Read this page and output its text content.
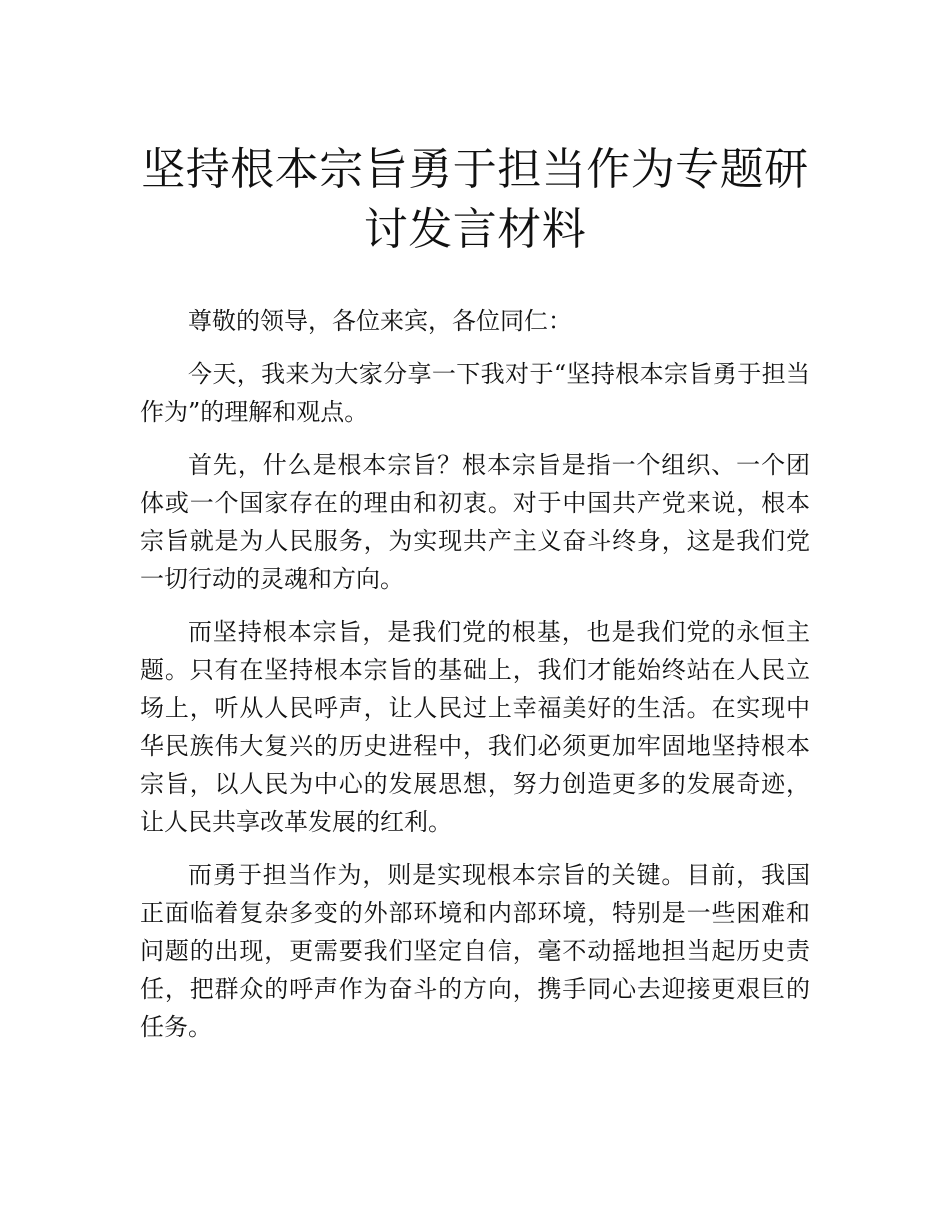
坚持根本宗旨勇于担当作为专题研讨发言材料

尊敬的领导，各位来宾，各位同仁：

今天，我来为大家分享一下我对于“坚持根本宗旨勇于担当作为”的理解和观点。

首先，什么是根本宗旨？根本宗旨是指一个组织、一个团体或一个国家存在的理由和初衷。对于中国共产党来说，根本宗旨就是为人民服务，为实现共产主义奋斗终身，这是我们党一切行动的灵魂和方向。

而坚持根本宗旨，是我们党的根基，也是我们党的永恒主题。只有在坚持根本宗旨的基础上，我们才能始终站在人民立场上，听从人民呼声，让人民过上幸福美好的生活。在实现中华民族伟大复兴的历史进程中，我们必须更加牢固地坚持根本宗旨，以人民为中心的发展思想，努力创造更多的发展奇迹，让人民共享改革发展的红利。

而勇于担当作为，则是实现根本宗旨的关键。目前，我国正面临着复杂多变的外部环境和内部环境，特别是一些困难和问题的出现，更需要我们坚定自信，毫不动摇地担当起历史责任，把群众的呼声作为奋斗的方向，携手同心去迎接更艰巨的任务。
